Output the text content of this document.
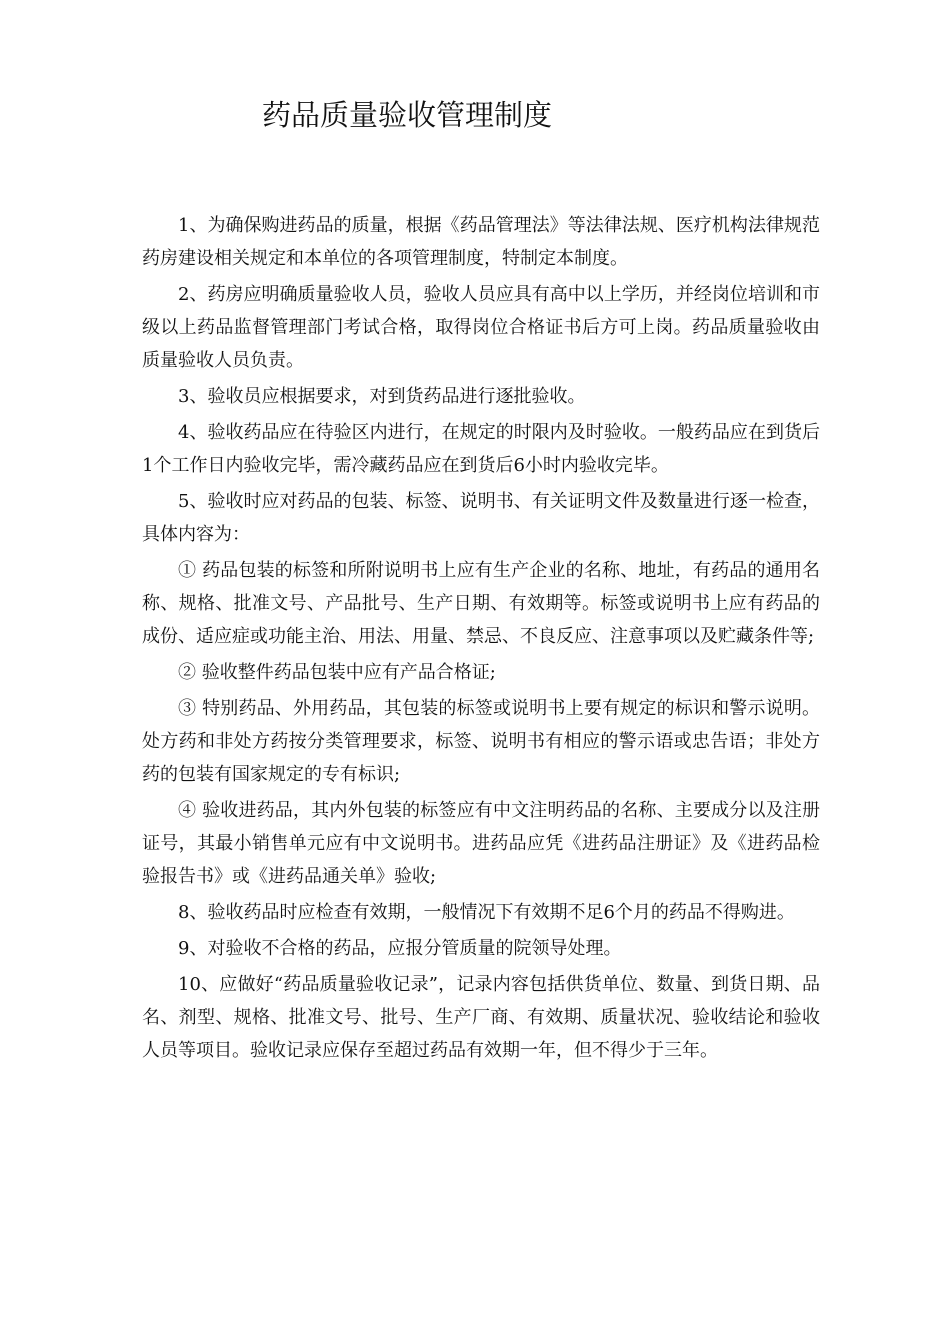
药品质量验收管理制度

1、为确保购进药品的质量，根据《药品管理法》等法律法规、医疗机构法律规范药房建设相关规定和本单位的各项管理制度，特制定本制度。

2、药房应明确质量验收人员，验收人员应具有高中以上学历，并经岗位培训和市级以上药品监督管理部门考试合格，取得岗位合格证书后方可上岗。药品质量验收由质量验收人员负责。

3、验收员应根据要求，对到货药品进行逐批验收。

4、验收药品应在待验区内进行，在规定的时限内及时验收。一般药品应在到货后1个工作日内验收完毕，需冷藏药品应在到货后6小时内验收完毕。

5、验收时应对药品的包装、标签、说明书、有关证明文件及数量进行逐一检查，具体内容为：

① 药品包装的标签和所附说明书上应有生产企业的名称、地址，有药品的通用名称、规格、批准文号、产品批号、生产日期、有效期等。标签或说明书上应有药品的成份、适应症或功能主治、用法、用量、禁忌、不良反应、注意事项以及贮藏条件等;

② 验收整件药品包装中应有产品合格证;

③ 特别药品、外用药品，其包装的标签或说明书上要有规定的标识和警示说明。处方药和非处方药按分类管理要求，标签、说明书有相应的警示语或忠告语；非处方药的包装有国家规定的专有标识;

④ 验收进药品，其内外包装的标签应有中文注明药品的名称、主要成分以及注册证号，其最小销售单元应有中文说明书。进药品应凭《进药品注册证》及《进药品检验报告书》或《进药品通关单》验收;

8、验收药品时应检查有效期，一般情况下有效期不足6个月的药品不得购进。

9、对验收不合格的药品，应报分管质量的院领导处理。

10、应做好“药品质量验收记录”，记录内容包括供货单位、数量、到货日期、品名、剂型、规格、批准文号、批号、生产厂商、有效期、质量状况、验收结论和验收人员等项目。验收记录应保存至超过药品有效期一年，但不得少于三年。
